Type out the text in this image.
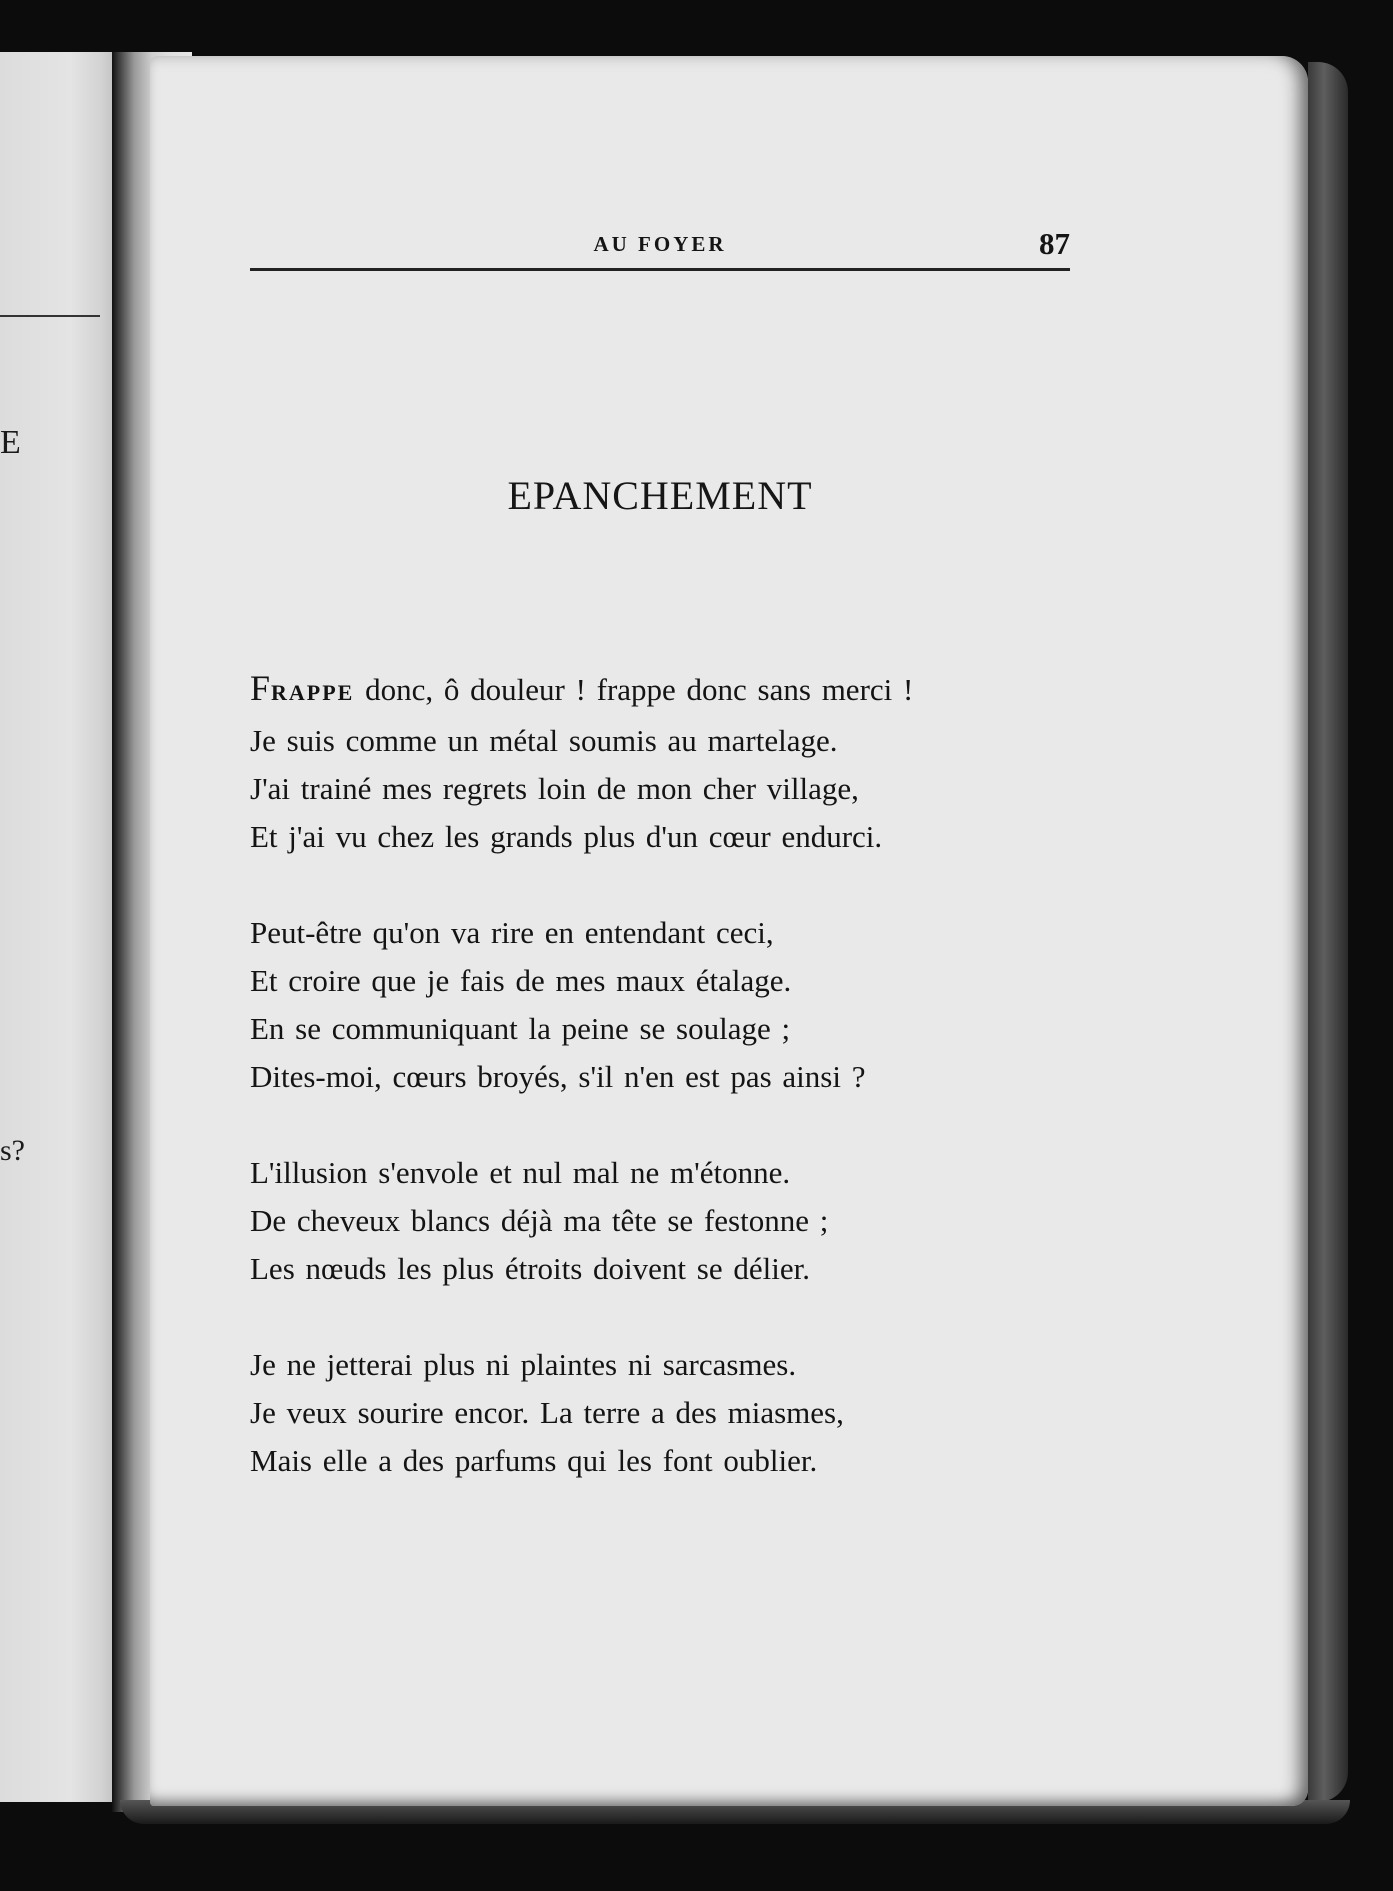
E
s?
AU FOYER	87
EPANCHEMENT
FRAPPE donc, ô douleur ! frappe donc sans merci !
Je suis comme un métal soumis au martelage.
J'ai trainé mes regrets loin de mon cher village,
Et j'ai vu chez les grands plus d'un cœur endurci.
Peut-être qu'on va rire en entendant ceci,
Et croire que je fais de mes maux étalage.
En se communiquant la peine se soulage ;
Dites-moi, cœurs broyés, s'il n'en est pas ainsi ?
L'illusion s'envole et nul mal ne m'étonne.
De cheveux blancs déjà ma tête se festonne ;
Les nœuds les plus étroits doivent se délier.
Je ne jetterai plus ni plaintes ni sarcasmes.
Je veux sourire encor. La terre a des miasmes,
Mais elle a des parfums qui les font oublier.
